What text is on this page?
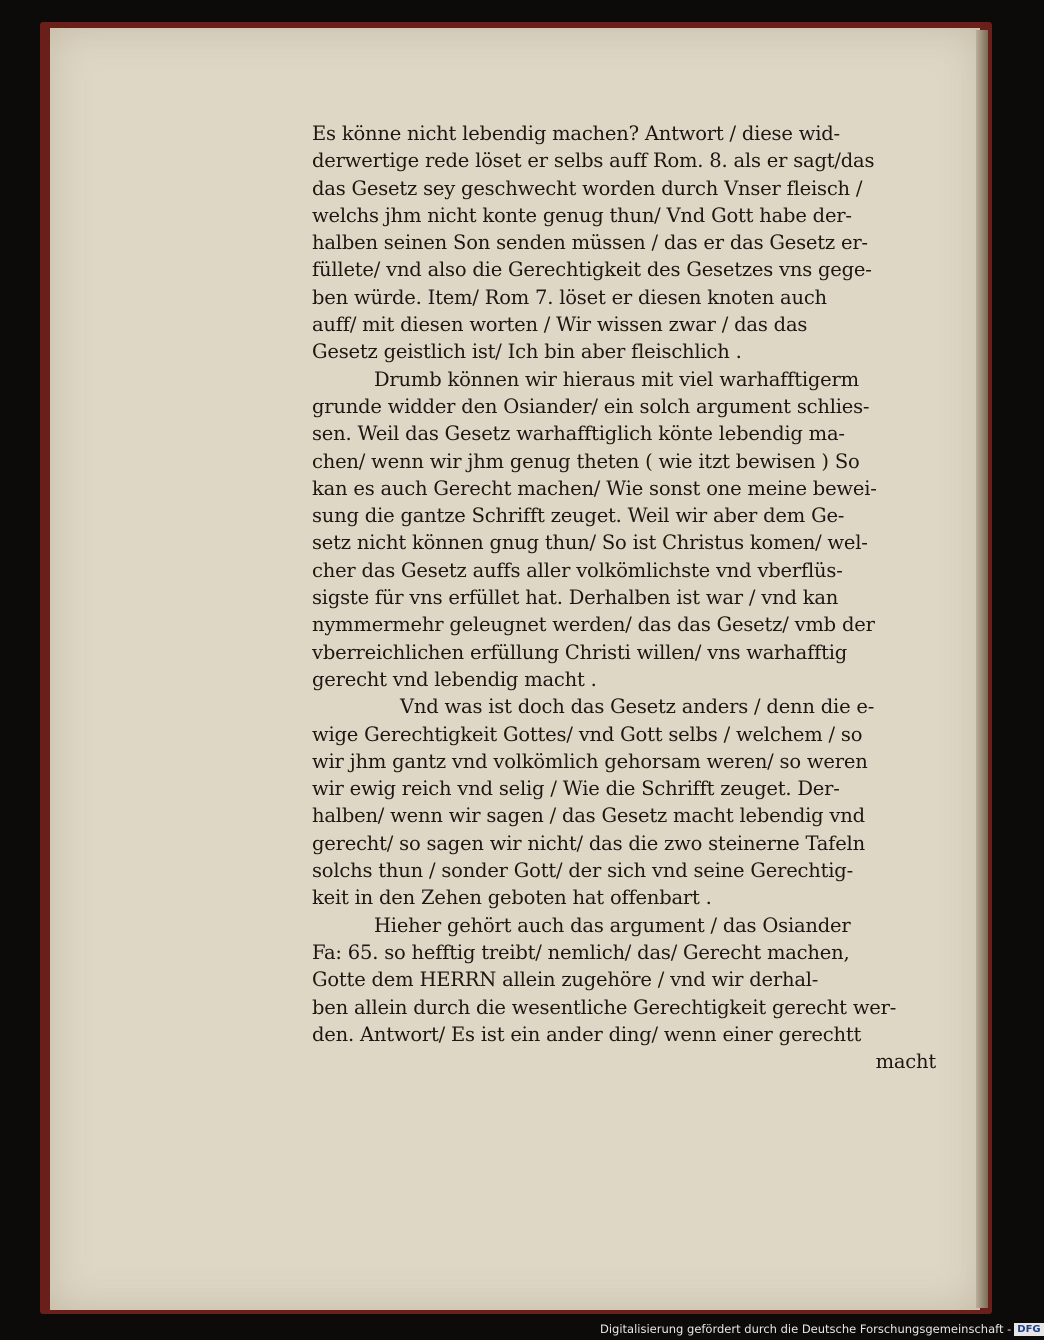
Es könne nicht lebendig machen? Antwort / diese wid-
derwertige rede löset er selbs auff Rom. 8. als er sagt/das
das Gesetz sey geschwecht worden durch Vnser fleisch /
welchs jhm nicht konte genug thun/ Vnd Gott habe der-
halben seinen Son senden müssen / das er das Gesetz er-
füllete/ vnd also die Gerechtigkeit des Gesetzes vns gege-
ben würde. Item/ Rom 7. löset er diesen knoten auch
auff/ mit diesen worten / Wir wissen zwar / das das
Gesetz geistlich ist/ Ich bin aber fleischlich .
Drumb können wir hieraus mit viel warhafftigerm
grunde widder den Osiander/ ein solch argument schlies-
sen. Weil das Gesetz warhafftiglich könte lebendig ma-
chen/ wenn wir jhm genug theten ( wie itzt bewisen ) So
kan es auch Gerecht machen/ Wie sonst one meine bewei-
sung die gantze Schrifft zeuget. Weil wir aber dem Ge-
setz nicht können gnug thun/ So ist Christus komen/ wel-
cher das Gesetz auffs aller volkömlichste vnd vberflüs-
sigste für vns erfüllet hat. Derhalben ist war / vnd kan
nymmermehr geleugnet werden/ das das Gesetz/ vmb der
vberreichlichen erfüllung Christi willen/ vns warhafftig
gerecht vnd lebendig macht .
Vnd was ist doch das Gesetz anders / denn die e-
wige Gerechtigkeit Gottes/ vnd Gott selbs / welchem / so
wir jhm gantz vnd volkömlich gehorsam weren/ so weren
wir ewig reich vnd selig / Wie die Schrifft zeuget. Der-
halben/ wenn wir sagen / das Gesetz macht lebendig vnd
gerecht/ so sagen wir nicht/ das die zwo steinerne Tafeln
solchs thun / sonder Gott/ der sich vnd seine Gerechtig-
keit in den Zehen geboten hat offenbart .
Hieher gehört auch das argument / das Osiander
Fa: 65. so hefftig treibt/ nemlich/ das/ Gerecht machen,
Gotte dem HERRN allein zugehöre / vnd wir derhal-
ben allein durch die wesentliche Gerechtigkeit gerecht wer-
den. Antwort/ Es ist ein ander ding/ wenn einer gerechtt
macht
Digitalisierung gefördert durch die Deutsche Forschungsgemeinschaft - DFG
